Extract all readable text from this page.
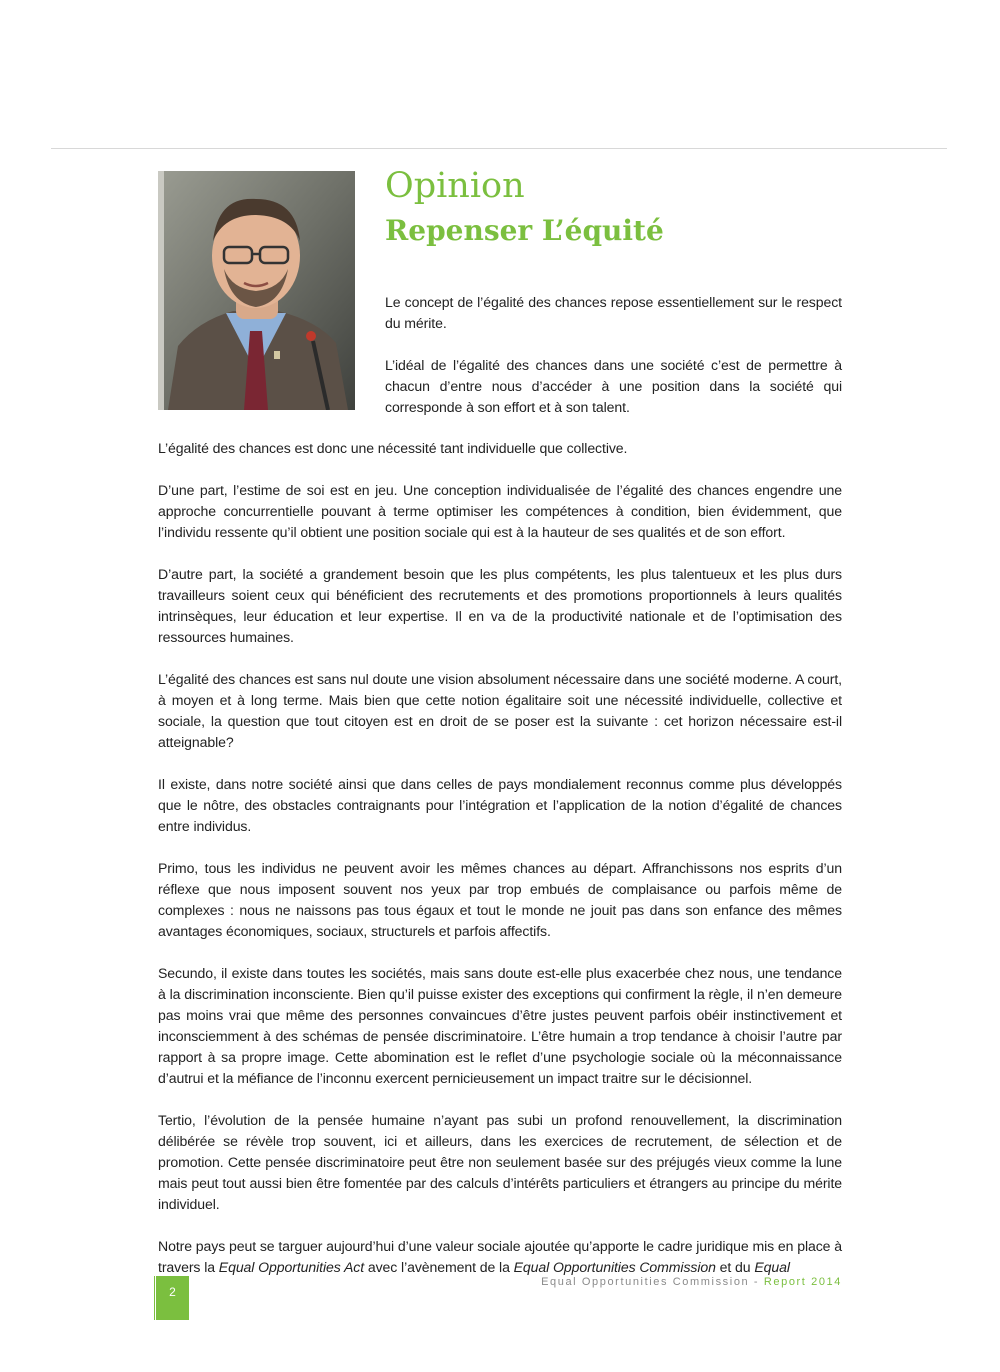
Opinion
Repenser L’équité

Le concept de l’égalité des chances repose essentiellement sur le respect du mérite.

L’idéal de l’égalité des chances dans une société c’est de permettre à chacun d’entre nous d’accéder à une position dans la société qui corresponde à son effort et à son talent.

L’égalité des chances est donc une nécessité tant individuelle que collective.

D’une part, l’estime de soi est en jeu. Une conception individualisée de l’égalité des chances engendre une approche concurrentielle pouvant à terme optimiser les compétences à condition, bien évidemment, que l’individu ressente qu’il obtient une position sociale qui est à la hauteur de ses qualités et de son effort.

D’autre part, la société a grandement besoin que les plus compétents, les plus talentueux et les plus durs travailleurs soient ceux qui bénéficient des recrutements et des promotions proportionnels à leurs qualités intrinsèques, leur éducation et leur expertise. Il en va de la productivité nationale et de l’optimisation des ressources humaines.

L’égalité des chances est sans nul doute une vision absolument nécessaire dans une société moderne. A court, à moyen et à long terme. Mais bien que cette notion égalitaire soit une nécessité individuelle, collective et sociale, la question que tout citoyen est en droit de se poser est la suivante : cet horizon nécessaire est-il atteignable?

Il existe, dans notre société ainsi que dans celles de pays mondialement reconnus comme plus développés que le nôtre, des obstacles contraignants pour l’intégration et l’application de la notion d’égalité de chances entre individus.

Primo, tous les individus ne peuvent avoir les mêmes chances au départ. Affranchissons nos esprits d’un réflexe que nous imposent souvent nos yeux par trop embués de complaisance ou parfois même de complexes : nous ne naissons pas tous égaux et tout le monde ne jouit pas dans son enfance des mêmes avantages économiques, sociaux, structurels et parfois affectifs.

Secundo, il existe dans toutes les sociétés, mais sans doute est-elle plus exacerbée chez nous, une tendance à la discrimination inconsciente. Bien qu’il puisse exister des exceptions qui confirment la règle, il n’en demeure pas moins vrai que même des personnes convaincues d’être justes peuvent parfois obéir instinctivement et inconsciemment à des schémas de pensée discriminatoire. L’être humain a trop tendance à choisir l’autre par rapport à sa propre image. Cette abomination est le reflet d’une psychologie sociale où la méconnaissance d’autrui et la méfiance de l’inconnu exercent pernicieusement un impact traitre sur le décisionnel.

Tertio, l’évolution de la pensée humaine n’ayant pas subi un profond renouvellement, la discrimination délibérée se révèle trop souvent, ici et ailleurs, dans les exercices de recrutement, de sélection et de promotion. Cette pensée discriminatoire peut être non seulement basée sur des préjugés vieux comme la lune mais peut tout aussi bien être fomentée par des calculs d’intérêts particuliers et étrangers au principe du mérite individuel.

Notre pays peut se targuer aujourd’hui d’une valeur sociale ajoutée qu’apporte le cadre juridique mis en place à travers la Equal Opportunities Act avec l’avènement de la Equal Opportunities Commission et du Equal

2
Equal Opportunities Commission - Report 2014
